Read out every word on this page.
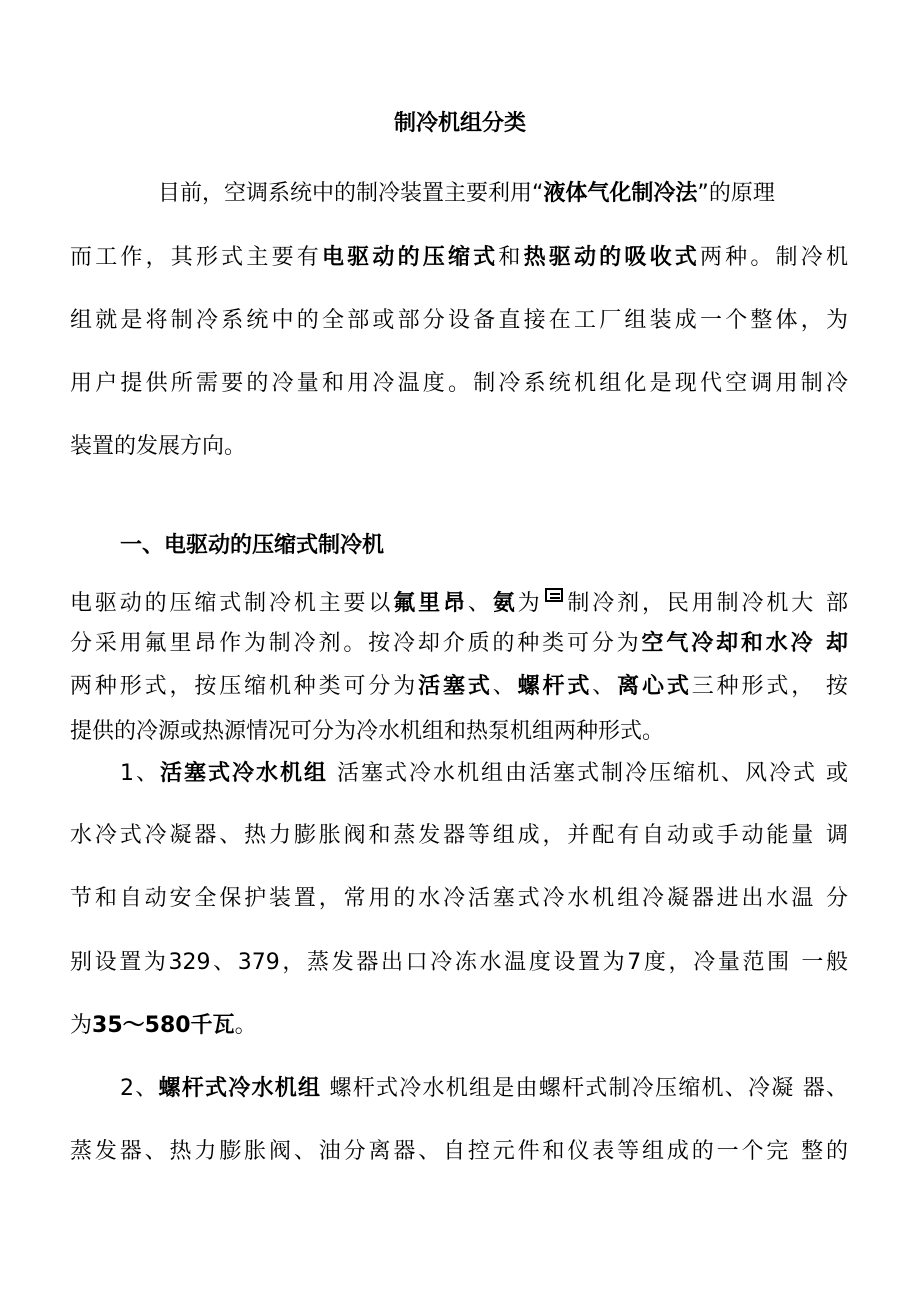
制冷机组分类
目前，空调系统中的制冷装置主要利用“液体气化制冷法”的原理
而工作，其形式主要有电驱动的压缩式和热驱动的吸收式两种。制冷机
组就是将制冷系统中的全部或部分设备直接在工厂组装成一个整体，为
用户提供所需要的冷量和用冷温度。制冷系统机组化是现代空调用制冷
装置的发展方向。
一、电驱动的压缩式制冷机
电驱动的压缩式制冷机主要以氟里昂、氨为 制冷剂，民用制冷机大 部
分采用氟里昂作为制冷剂。按冷却介质的种类可分为空气冷却和水冷 却
两种形式，按压缩机种类可分为活塞式、螺杆式、离心式三种形式， 按
提供的冷源或热源情况可分为冷水机组和热泵机组两种形式。
1、活塞式冷水机组 活塞式冷水机组由活塞式制冷压缩机、风冷式 或
水冷式冷凝器、热力膨胀阀和蒸发器等组成，并配有自动或手动能量 调
节和自动安全保护装置，常用的水冷活塞式冷水机组冷凝器进出水温 分
别设置为329、379，蒸发器出口冷冻水温度设置为7度，冷量范围 一般
为35～580千瓦。
2、螺杆式冷水机组 螺杆式冷水机组是由螺杆式制冷压缩机、冷凝 器、
蒸发器、热力膨胀阀、油分离器、自控元件和仪表等组成的一个完 整的
